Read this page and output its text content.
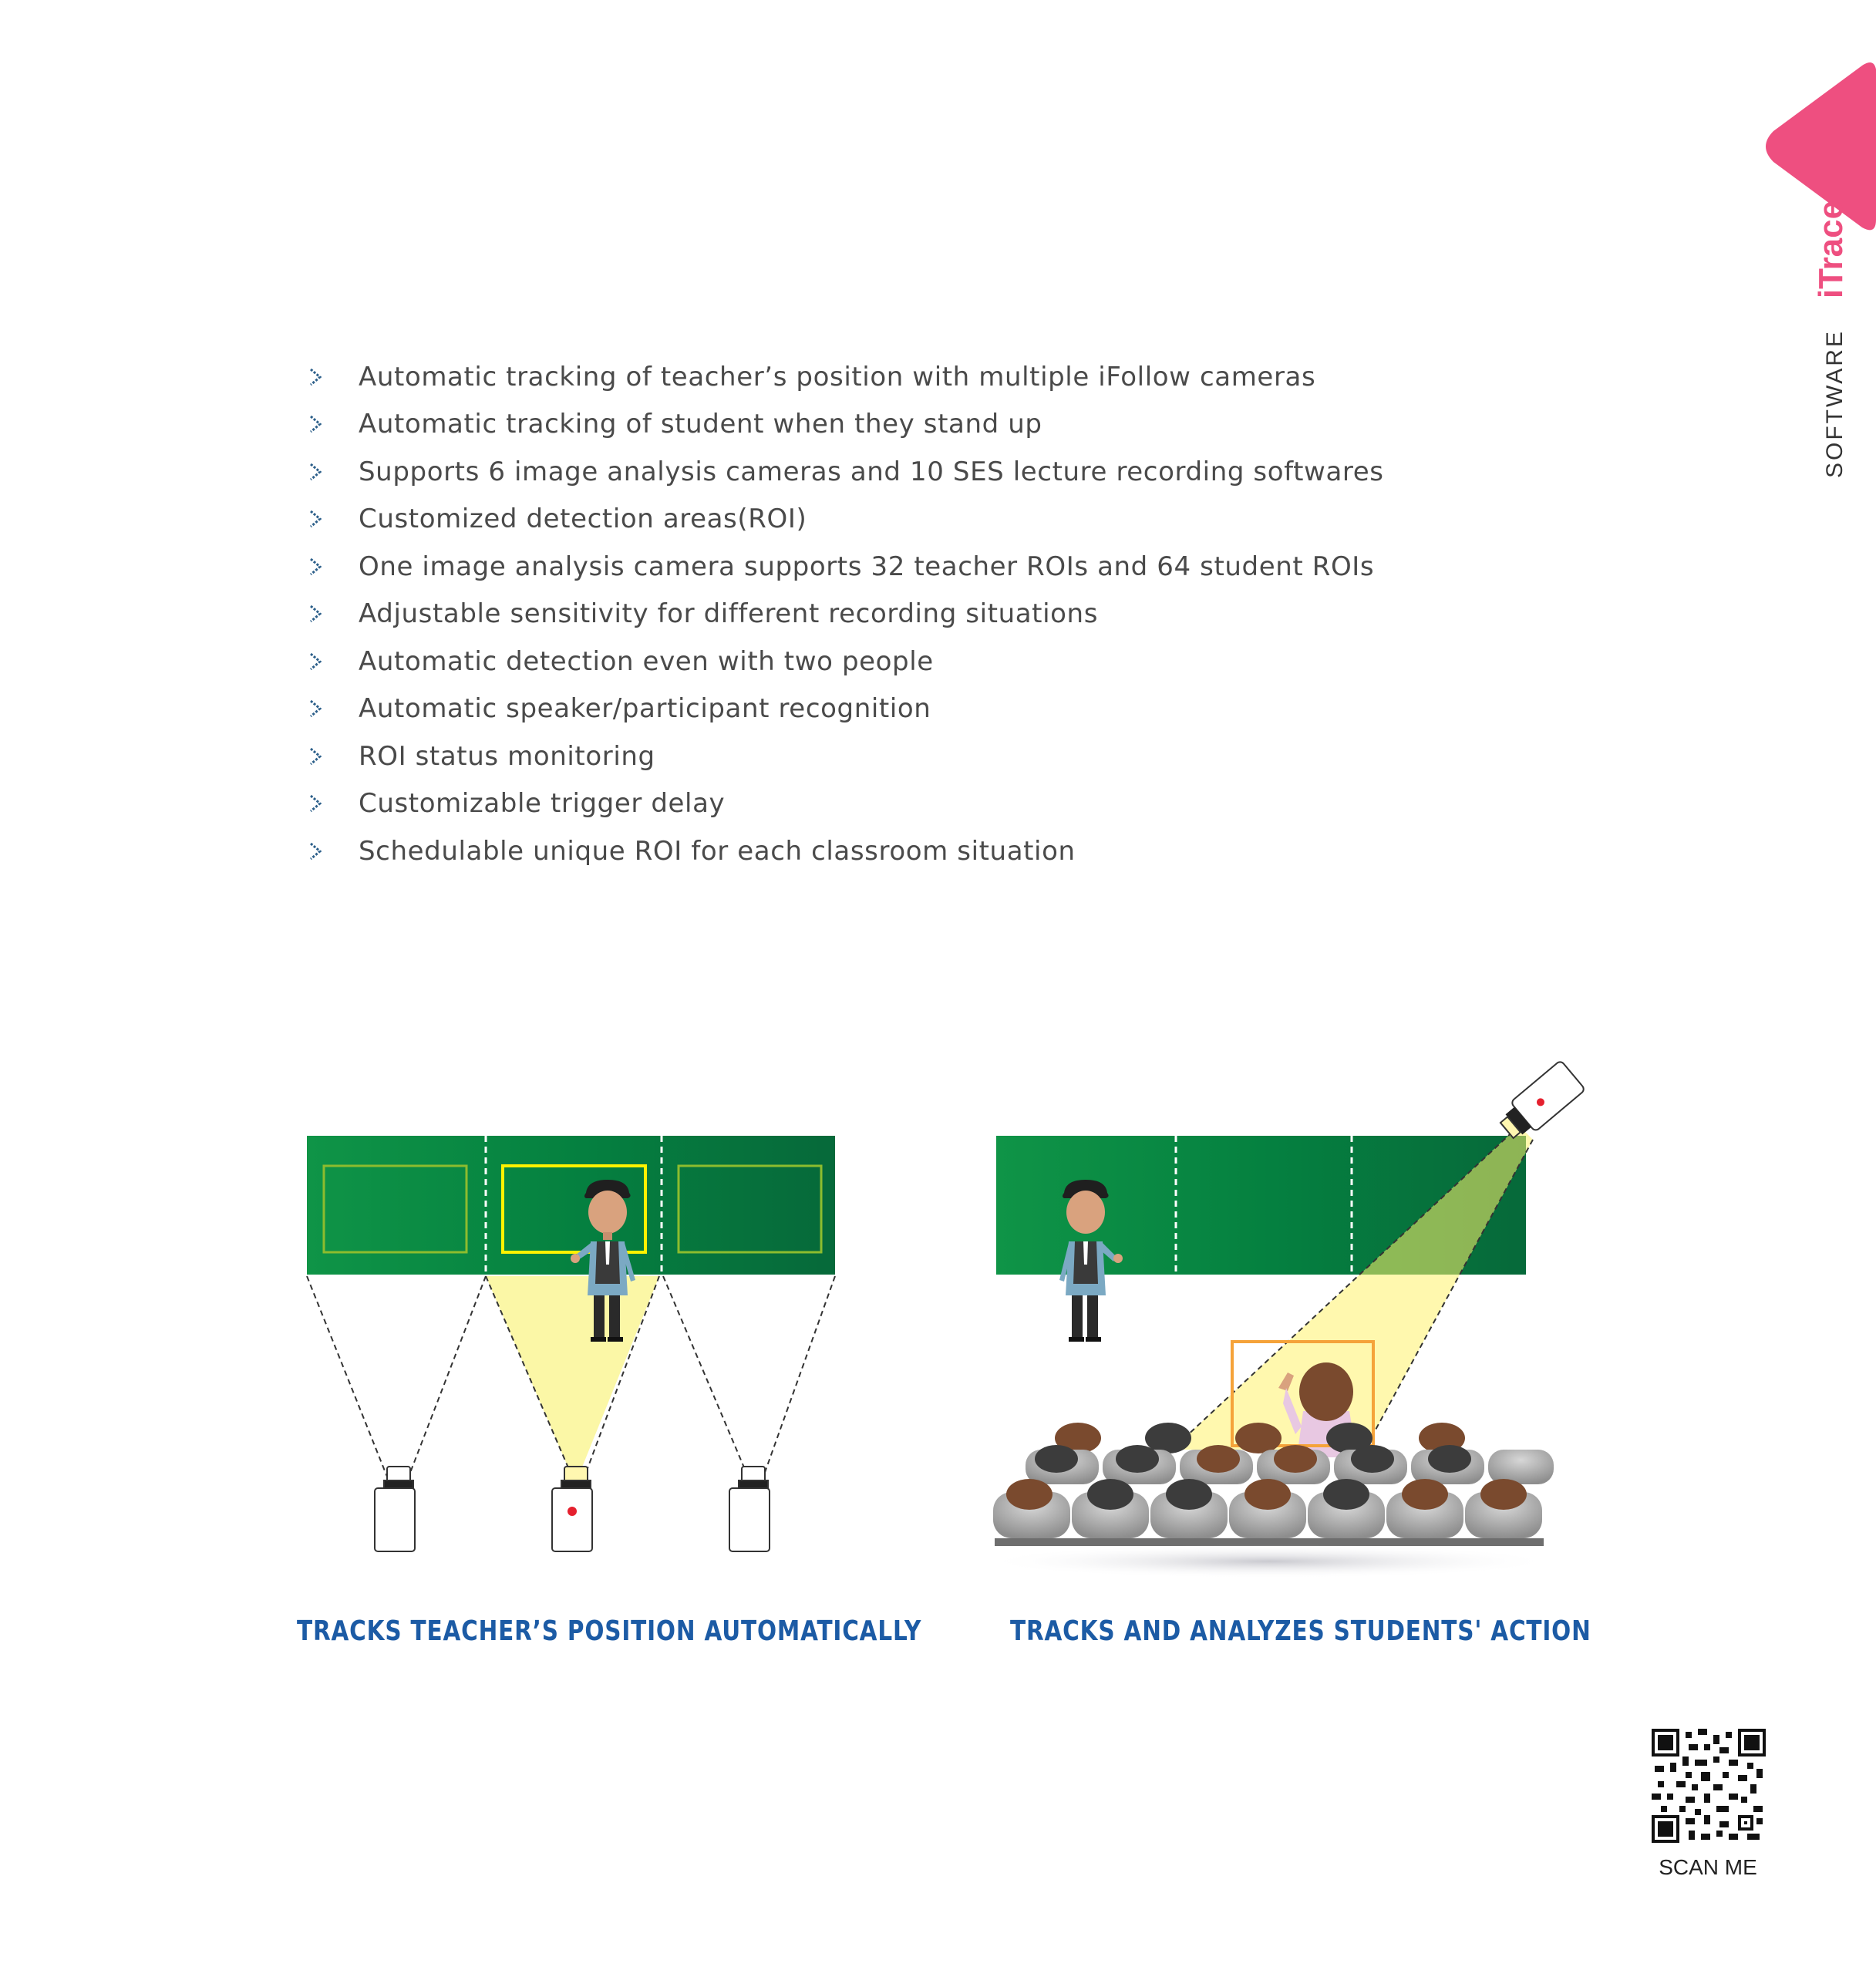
SOFTWARE
iTrace
Automatic tracking of teacher’s position with multiple iFollow cameras
Automatic tracking of student when they stand up
Supports 6 image analysis cameras and 10 SES lecture recording softwares
Customized detection areas(ROI)
One image analysis camera supports 32 teacher ROIs and 64 student ROIs
Adjustable sensitivity for different recording situations
Automatic detection even with two people
Automatic speaker/participant recognition
ROI status monitoring
Customizable trigger delay
Schedulable unique ROI for each classroom situation
TRACKS TEACHER’S POSITION AUTOMATICALLY	TRACKS AND ANALYZES STUDENTS' ACTION
SCAN ME
